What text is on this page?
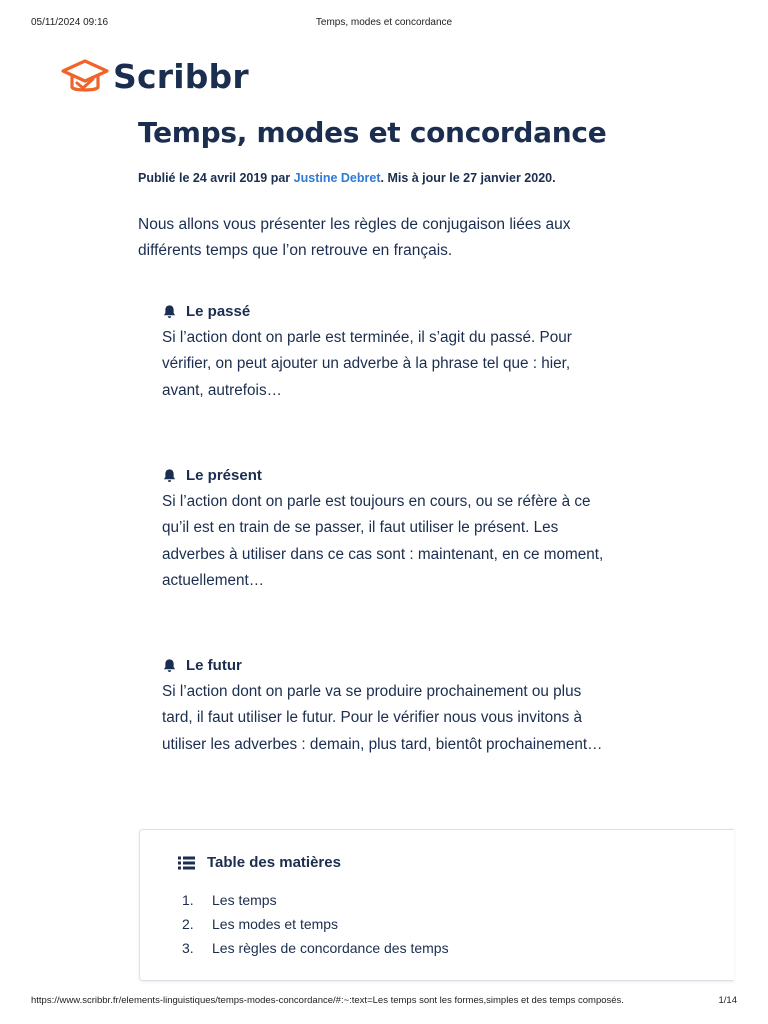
05/11/2024 09:16	Temps, modes et concordance
Scribbr
Temps, modes et concordance
Publié le 24 avril 2019 par Justine Debret. Mis à jour le 27 janvier 2020.

Nous allons vous présenter les règles de conjugaison liées aux différents temps que l’on retrouve en français.

Le passé

Si l’action dont on parle est terminée, il s’agit du passé. Pour vérifier, on peut ajouter un adverbe à la phrase tel que : hier, avant, autrefois…

Le présent

Si l’action dont on parle est toujours en cours, ou se réfère à ce qu’il est en train de se passer, il faut utiliser le présent. Les adverbes à utiliser dans ce cas sont : maintenant, en ce moment, actuellement…

Le futur

Si l’action dont on parle va se produire prochainement ou plus tard, il faut utiliser le futur. Pour le vérifier nous vous invitons à utiliser les adverbes : demain, plus tard, bientôt prochainement…

Table des matières
1. Les temps
2. Les modes et temps
3. Les règles de concordance des temps
https://www.scribbr.fr/elements-linguistiques/temps-modes-concordance/#:~:text=Les temps sont les formes,simples et des temps composés.	1/14
